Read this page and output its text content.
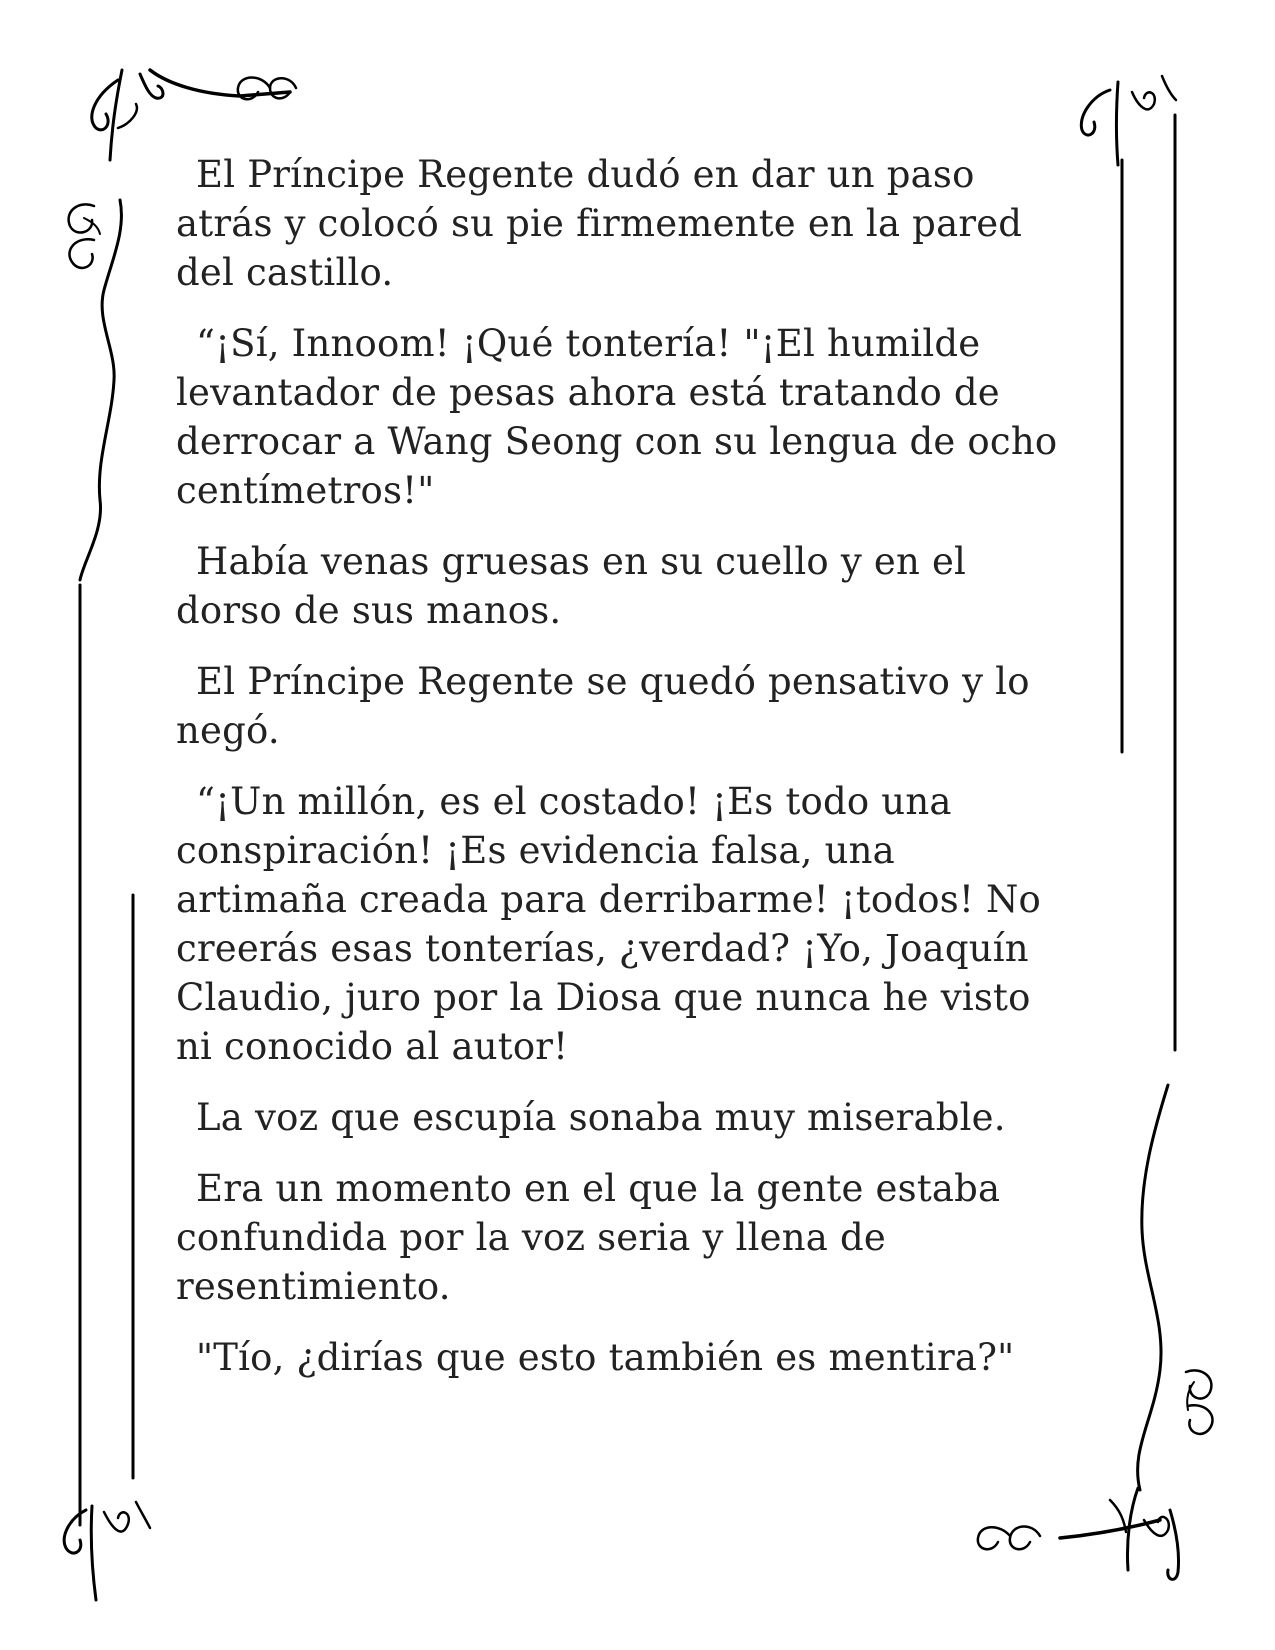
El Príncipe Regente dudó en dar un paso atrás y colocó su pie firmemente en la pared del castillo.

“¡Sí, Innoom! ¡Qué tontería! "¡El humilde levantador de pesas ahora está tratando de derrocar a Wang Seong con su lengua de ocho centímetros!"

Había venas gruesas en su cuello y en el dorso de sus manos.

El Príncipe Regente se quedó pensativo y lo negó.

“¡Un millón, es el costado! ¡Es todo una conspiración! ¡Es evidencia falsa, una artimaña creada para derribarme! ¡todos! No creerás esas tonterías, ¿verdad? ¡Yo, Joaquín Claudio, juro por la Diosa que nunca he visto ni conocido al autor!

La voz que escupía sonaba muy miserable.

Era un momento en el que la gente estaba confundida por la voz seria y llena de resentimiento.

"Tío, ¿dirías que esto también es mentira?"
